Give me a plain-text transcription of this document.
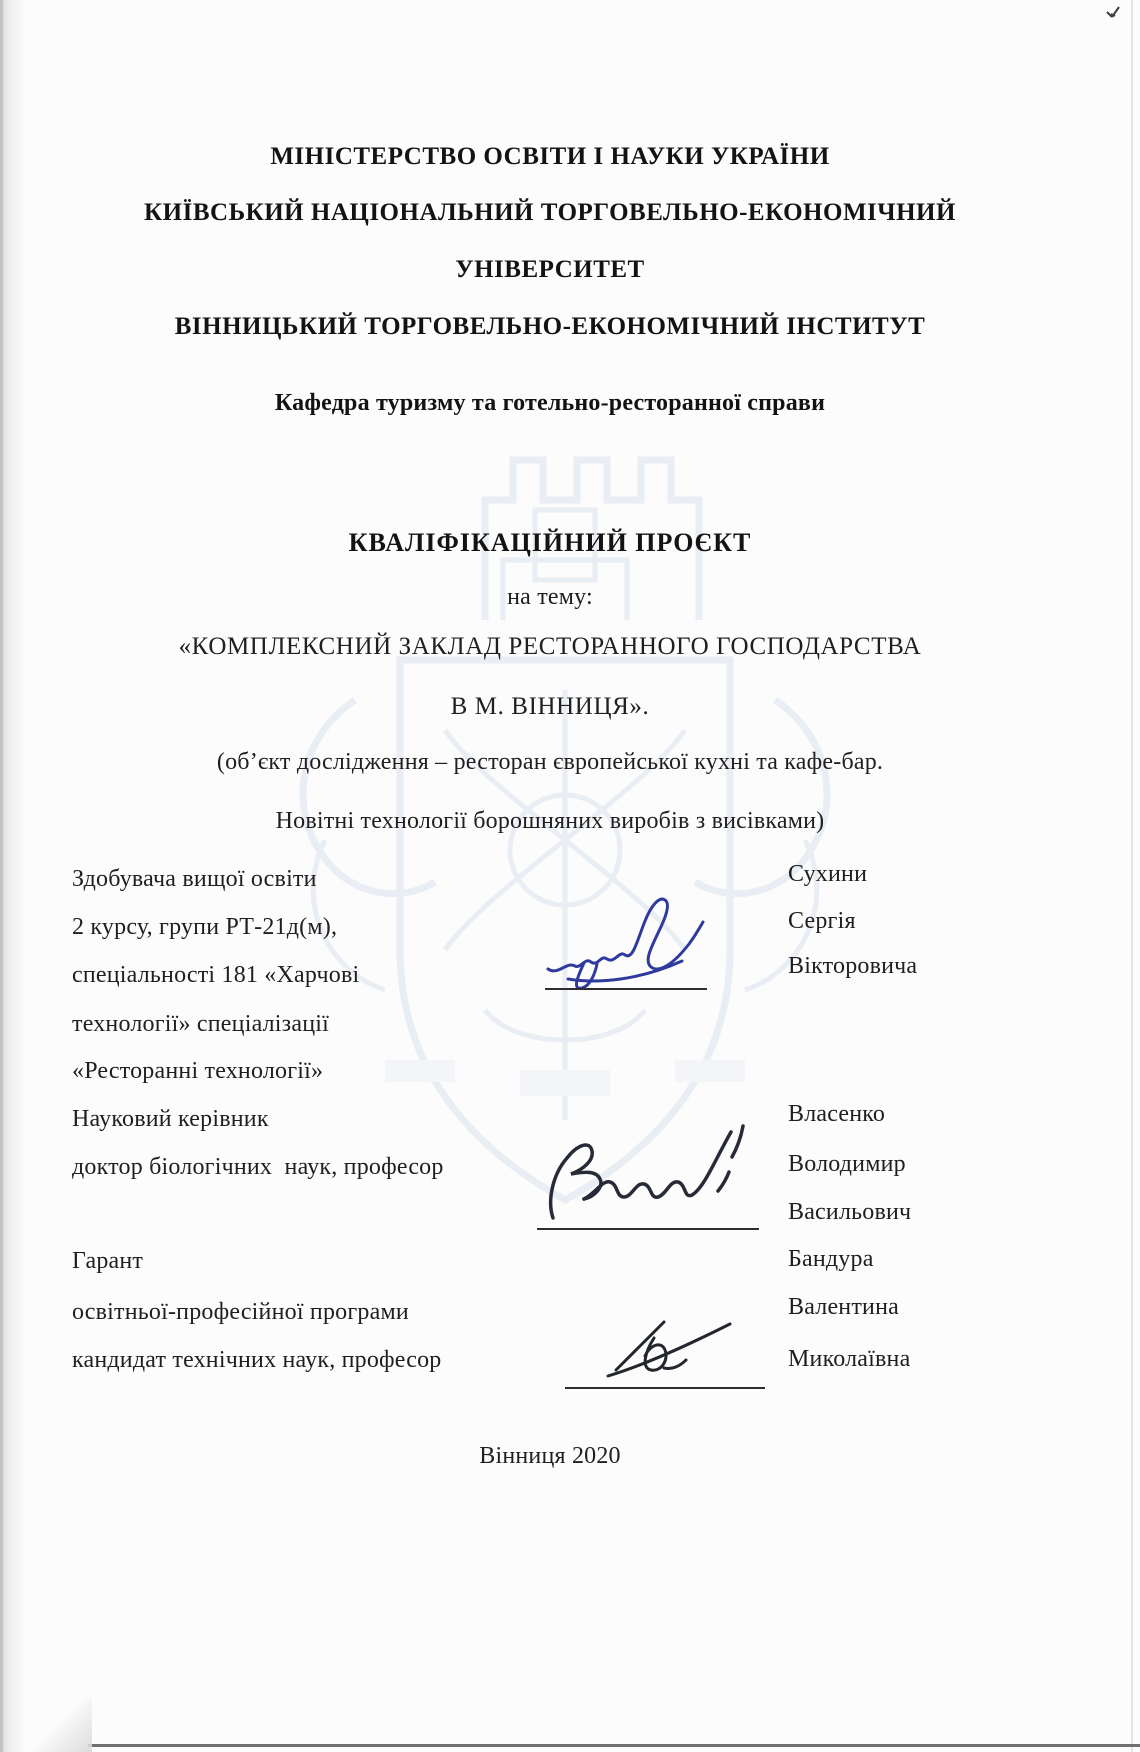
МІНІСТЕРСТВО ОСВІТИ І НАУКИ УКРАЇНИ
КИЇВСЬКИЙ НАЦІОНАЛЬНИЙ ТОРГОВЕЛЬНО-ЕКОНОМІЧНИЙ
УНІВЕРСИТЕТ
ВІННИЦЬКИЙ ТОРГОВЕЛЬНО-ЕКОНОМІЧНИЙ ІНСТИТУТ
Кафедра туризму та готельно-ресторанної справи
КВАЛІФІКАЦІЙНИЙ ПРОЄКТ
на тему:
«КОМПЛЕКСНИЙ ЗАКЛАД РЕСТОРАННОГО ГОСПОДАРСТВА
В М. ВІННИЦЯ».
(об’єкт дослідження – ресторан європейської кухні та кафе-бар.
Новітні технології борошняних виробів з висівками)
Здобувача вищої освіти
2 курсу, групи РТ-21д(м),
спеціальності 181 «Харчові
технології» спеціалізації
«Ресторанні технології»
Сухини
Сергія
Вікторовича
Науковий керівник
доктор біологічних  наук, професор
Власенко
Володимир
Васильович
Гарант
освітньої-професійної програми
кандидат технічних наук, професор
Бандура
Валентина
Миколаївна
Вінниця 2020
